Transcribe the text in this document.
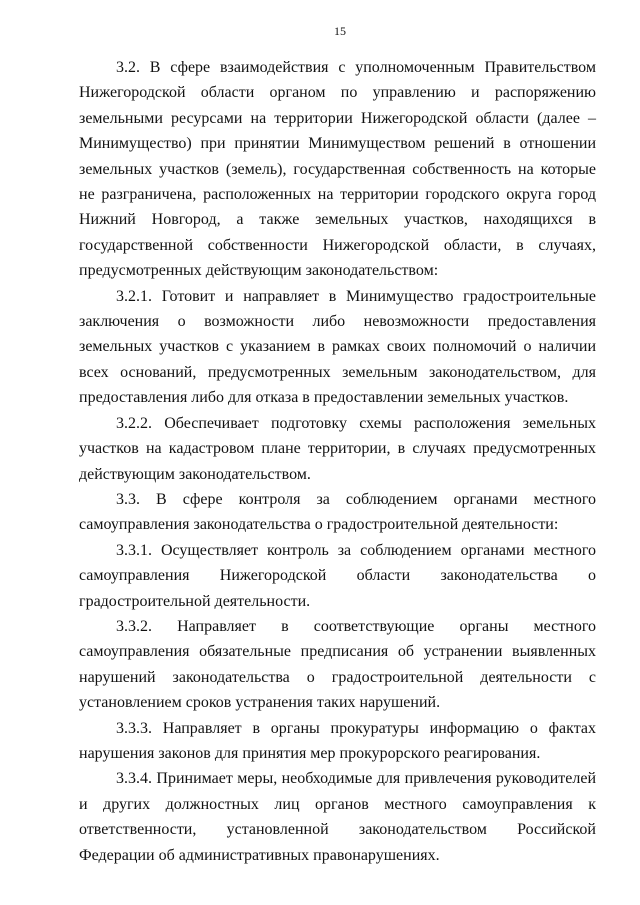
15

3.2. В сфере взаимодействия с уполномоченным Правительством Нижегородской области органом по управлению и распоряжению земельными ресурсами на территории Нижегородской области (далее – Минимущество) при принятии Минимуществом решений в отношении земельных участков (земель), государственная собственность на которые не разграничена, расположенных на территории городского округа город Нижний Новгород, а также земельных участков, находящихся в государственной собственности Нижегородской области, в случаях, предусмотренных действующим законодательством:

3.2.1. Готовит и направляет в Минимущество градостроительные заключения о возможности либо невозможности предоставления земельных участков с указанием в рамках своих полномочий о наличии всех оснований, предусмотренных земельным законодательством, для предоставления либо для отказа в предоставлении земельных участков.

3.2.2. Обеспечивает подготовку схемы расположения земельных участков на кадастровом плане территории, в случаях предусмотренных действующим законодательством.

3.3. В сфере контроля за соблюдением органами местного самоуправления законодательства о градостроительной деятельности:

3.3.1. Осуществляет контроль за соблюдением органами местного самоуправления Нижегородской области законодательства о градостроительной деятельности.

3.3.2. Направляет в соответствующие органы местного самоуправления обязательные предписания об устранении выявленных нарушений законодательства о градостроительной деятельности с установлением сроков устранения таких нарушений.

3.3.3. Направляет в органы прокуратуры информацию о фактах нарушения законов для принятия мер прокурорского реагирования.

3.3.4. Принимает меры, необходимые для привлечения руководителей и других должностных лиц органов местного самоуправления к ответственности, установленной законодательством Российской Федерации об административных правонарушениях.
